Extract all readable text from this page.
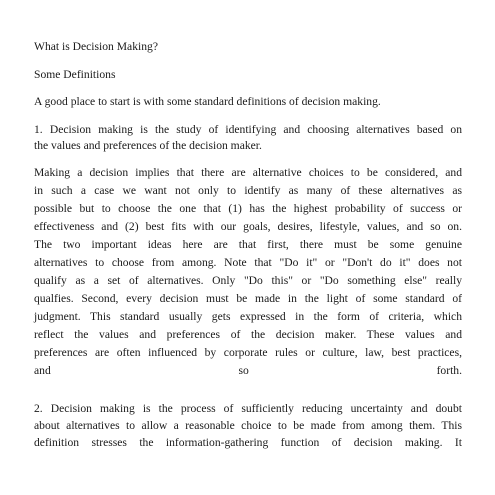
What is Decision Making?
Some Definitions
A good place to start is with some standard definitions of decision making.
1. Decision making is the study of identifying and choosing alternatives based on
the values and preferences of the decision maker.
Making a decision implies that there are alternative choices to be considered, and
in such a case we want not only to identify as many of these alternatives as
possible but to choose the one that (1) has the highest probability of success or
effectiveness and (2) best fits with our goals, desires, lifestyle, values, and so on.
The two important ideas here are that first, there must be some genuine
alternatives to choose from among. Note that "Do it" or "Don't do it" does not
qualify as a set of alternatives. Only "Do this" or "Do something else" really
qualfies. Second, every decision must be made in the light of some standard of
judgment. This standard usually gets expressed in the form of criteria, which
reflect the values and preferences of the decision maker. These values and
preferences are often influenced by corporate rules or culture, law, best practices,
and so forth.
2. Decision making is the process of sufficiently reducing uncertainty and doubt
about alternatives to allow a reasonable choice to be made from among them. This
definition stresses the information-gathering function of decision making. It
